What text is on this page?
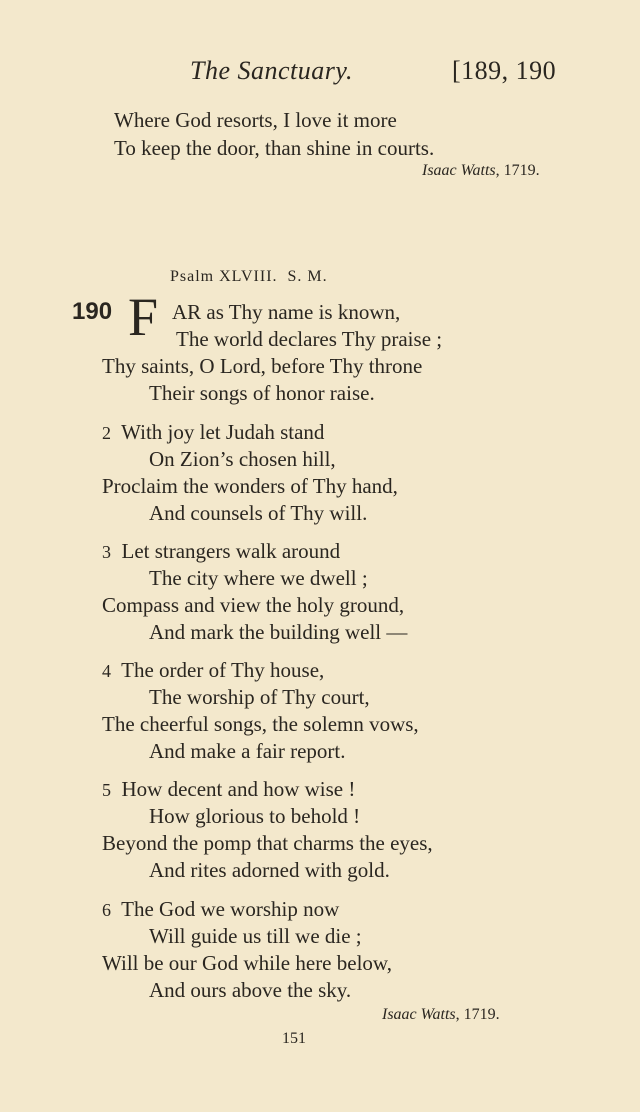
The Sanctuary.	[189, 190
Where God resorts, I love it more
To keep the door, than shine in courts.
Isaac Watts, 1719.
Psalm XLVIII. S. M.
190 F AR as Thy name is known,
The world declares Thy praise ;
Thy saints, O Lord, before Thy throne
Their songs of honor raise.
2 With joy let Judah stand
On Zion’s chosen hill,
Proclaim the wonders of Thy hand,
And counsels of Thy will.
3 Let strangers walk around
The city where we dwell ;
Compass and view the holy ground,
And mark the building well —
4 The order of Thy house,
The worship of Thy court,
The cheerful songs, the solemn vows,
And make a fair report.
5 How decent and how wise !
How glorious to behold !
Beyond the pomp that charms the eyes,
And rites adorned with gold.
6 The God we worship now
Will guide us till we die ;
Will be our God while here below,
And ours above the sky.
Isaac Watts, 1719.
151
